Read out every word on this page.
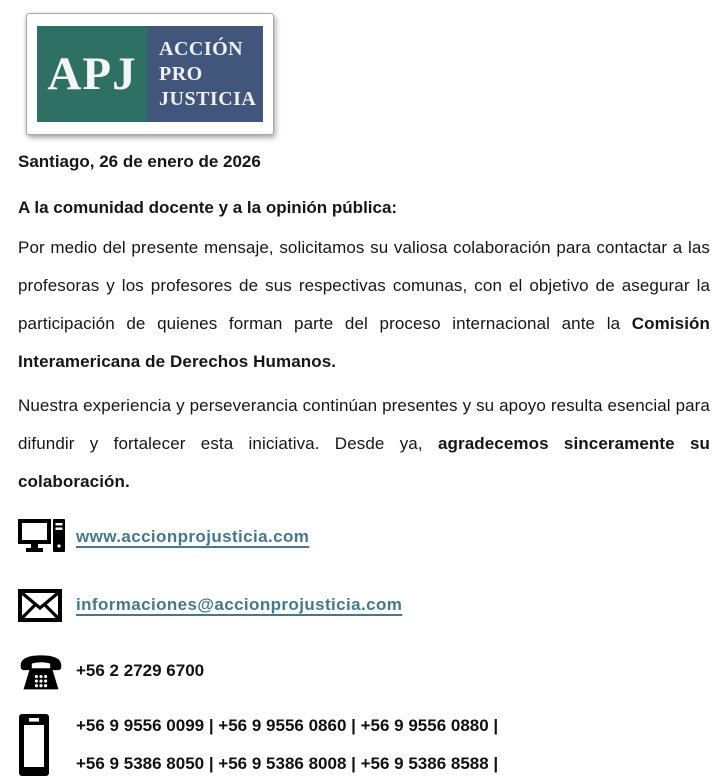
APJ ACCIÓN
PRO
JUSTICIA

Santiago, 26 de enero de 2026

A la comunidad docente y a la opinión pública:

Por medio del presente mensaje, solicitamos su valiosa colaboración para contactar a las profesoras y los profesores de sus respectivas comunas, con el objetivo de asegurar la participación de quienes forman parte del proceso internacional ante la Comisión Interamericana de Derechos Humanos.

Nuestra experiencia y perseverancia continúan presentes y su apoyo resulta esencial para difundir y fortalecer esta iniciativa. Desde ya, agradecemos sinceramente su colaboración.

www.accionprojusticia.com
informaciones@accionprojusticia.com
+56 2 2729 6700
+56 9 9556 0099 | +56 9 9556 0860 | +56 9 9556 0880 |
+56 9 5386 8050 | +56 9 5386 8008 | +56 9 5386 8588 |
